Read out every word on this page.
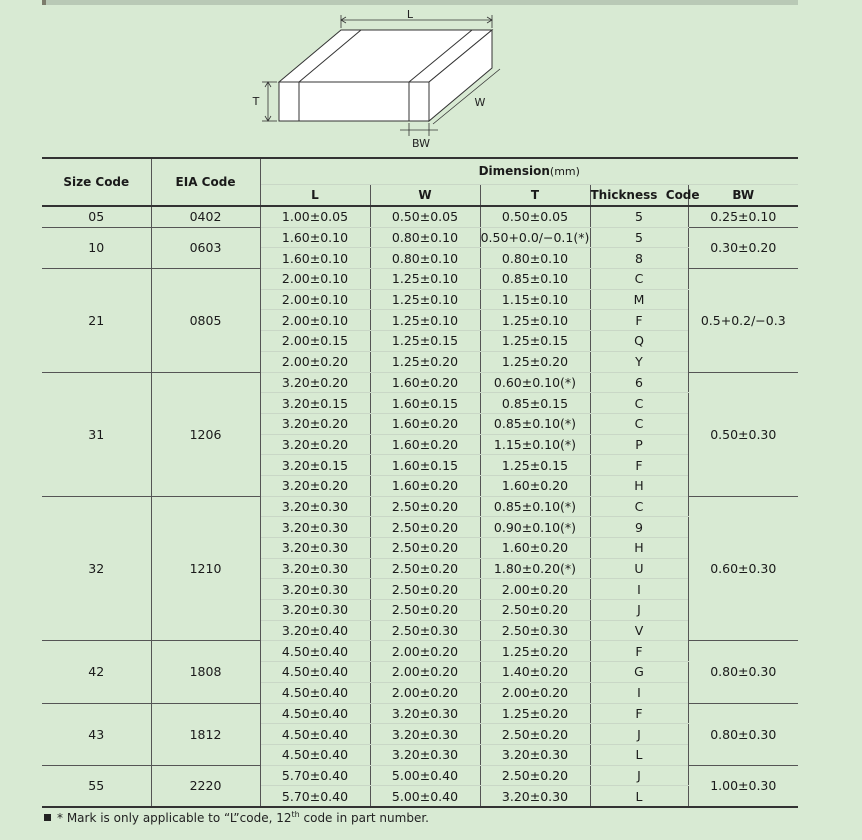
L
T	W
BW
Size Code	EIA Code	Dimension(mm)				
		L	W	T	Thickness  Code	BW
05	0402	1.00±0.05	0.50±0.05	0.50±0.05	5	0.25±0.10
10	0603	1.60±0.10	0.80±0.10	0.50+0.0/−0.1(*)	5	0.30±0.20
		1.60±0.10	0.80±0.10	0.80±0.10	8	
21	0805	2.00±0.10	1.25±0.10	0.85±0.10	C	0.5+0.2/−0.3
		2.00±0.10	1.25±0.10	1.15±0.10	M	
		2.00±0.10	1.25±0.10	1.25±0.10	F	
		2.00±0.15	1.25±0.15	1.25±0.15	Q	
		2.00±0.20	1.25±0.20	1.25±0.20	Y	
31	1206	3.20±0.20	1.60±0.20	0.60±0.10(*)	6	0.50±0.30
		3.20±0.15	1.60±0.15	0.85±0.15	C	
		3.20±0.20	1.60±0.20	0.85±0.10(*)	C	
		3.20±0.20	1.60±0.20	1.15±0.10(*)	P	
		3.20±0.15	1.60±0.15	1.25±0.15	F	
		3.20±0.20	1.60±0.20	1.60±0.20	H	
32	1210	3.20±0.30	2.50±0.20	0.85±0.10(*)	C	0.60±0.30
		3.20±0.30	2.50±0.20	0.90±0.10(*)	9	
		3.20±0.30	2.50±0.20	1.60±0.20	H	
		3.20±0.30	2.50±0.20	1.80±0.20(*)	U	
		3.20±0.30	2.50±0.20	2.00±0.20	I	
		3.20±0.30	2.50±0.20	2.50±0.20	J	
		3.20±0.40	2.50±0.30	2.50±0.30	V	
42	1808	4.50±0.40	2.00±0.20	1.25±0.20	F	0.80±0.30
		4.50±0.40	2.00±0.20	1.40±0.20	G	
		4.50±0.40	2.00±0.20	2.00±0.20	I	
43	1812	4.50±0.40	3.20±0.30	1.25±0.20	F	0.80±0.30
		4.50±0.40	3.20±0.30	2.50±0.20	J	
		4.50±0.40	3.20±0.30	3.20±0.30	L	
55	2220	5.70±0.40	5.00±0.40	2.50±0.20	J	1.00±0.30
		5.70±0.40	5.00±0.40	3.20±0.30	L	
* Mark is only applicable to “L”code, 12th code in part number.
